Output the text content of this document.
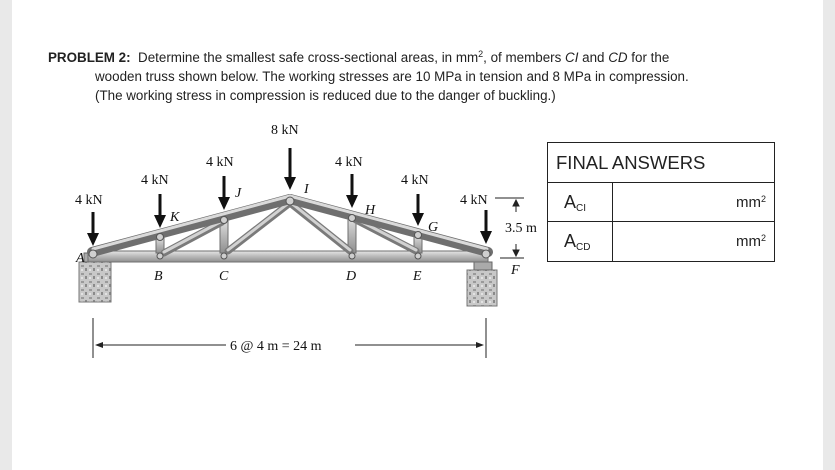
PROBLEM 2: Determine the smallest safe cross-sectional areas, in $mm^2$, of members CI and CD for the
wooden truss shown below. The working stresses are 10 MPa in tension and 8 MPa in compression.
(The working stress in compression is reduced due to the danger of buckling.)
4 kN
4 kN
4 kN
8 kN
4 kN
4 kN
4 kN
A
B	C	D	E	F
G
H
I
J
K
3.5 m
6 @ 4 m = 24 m
FINAL ANSWERS
$A_{CI}$	$mm^2$
$A_{CD}$	$mm^2$
